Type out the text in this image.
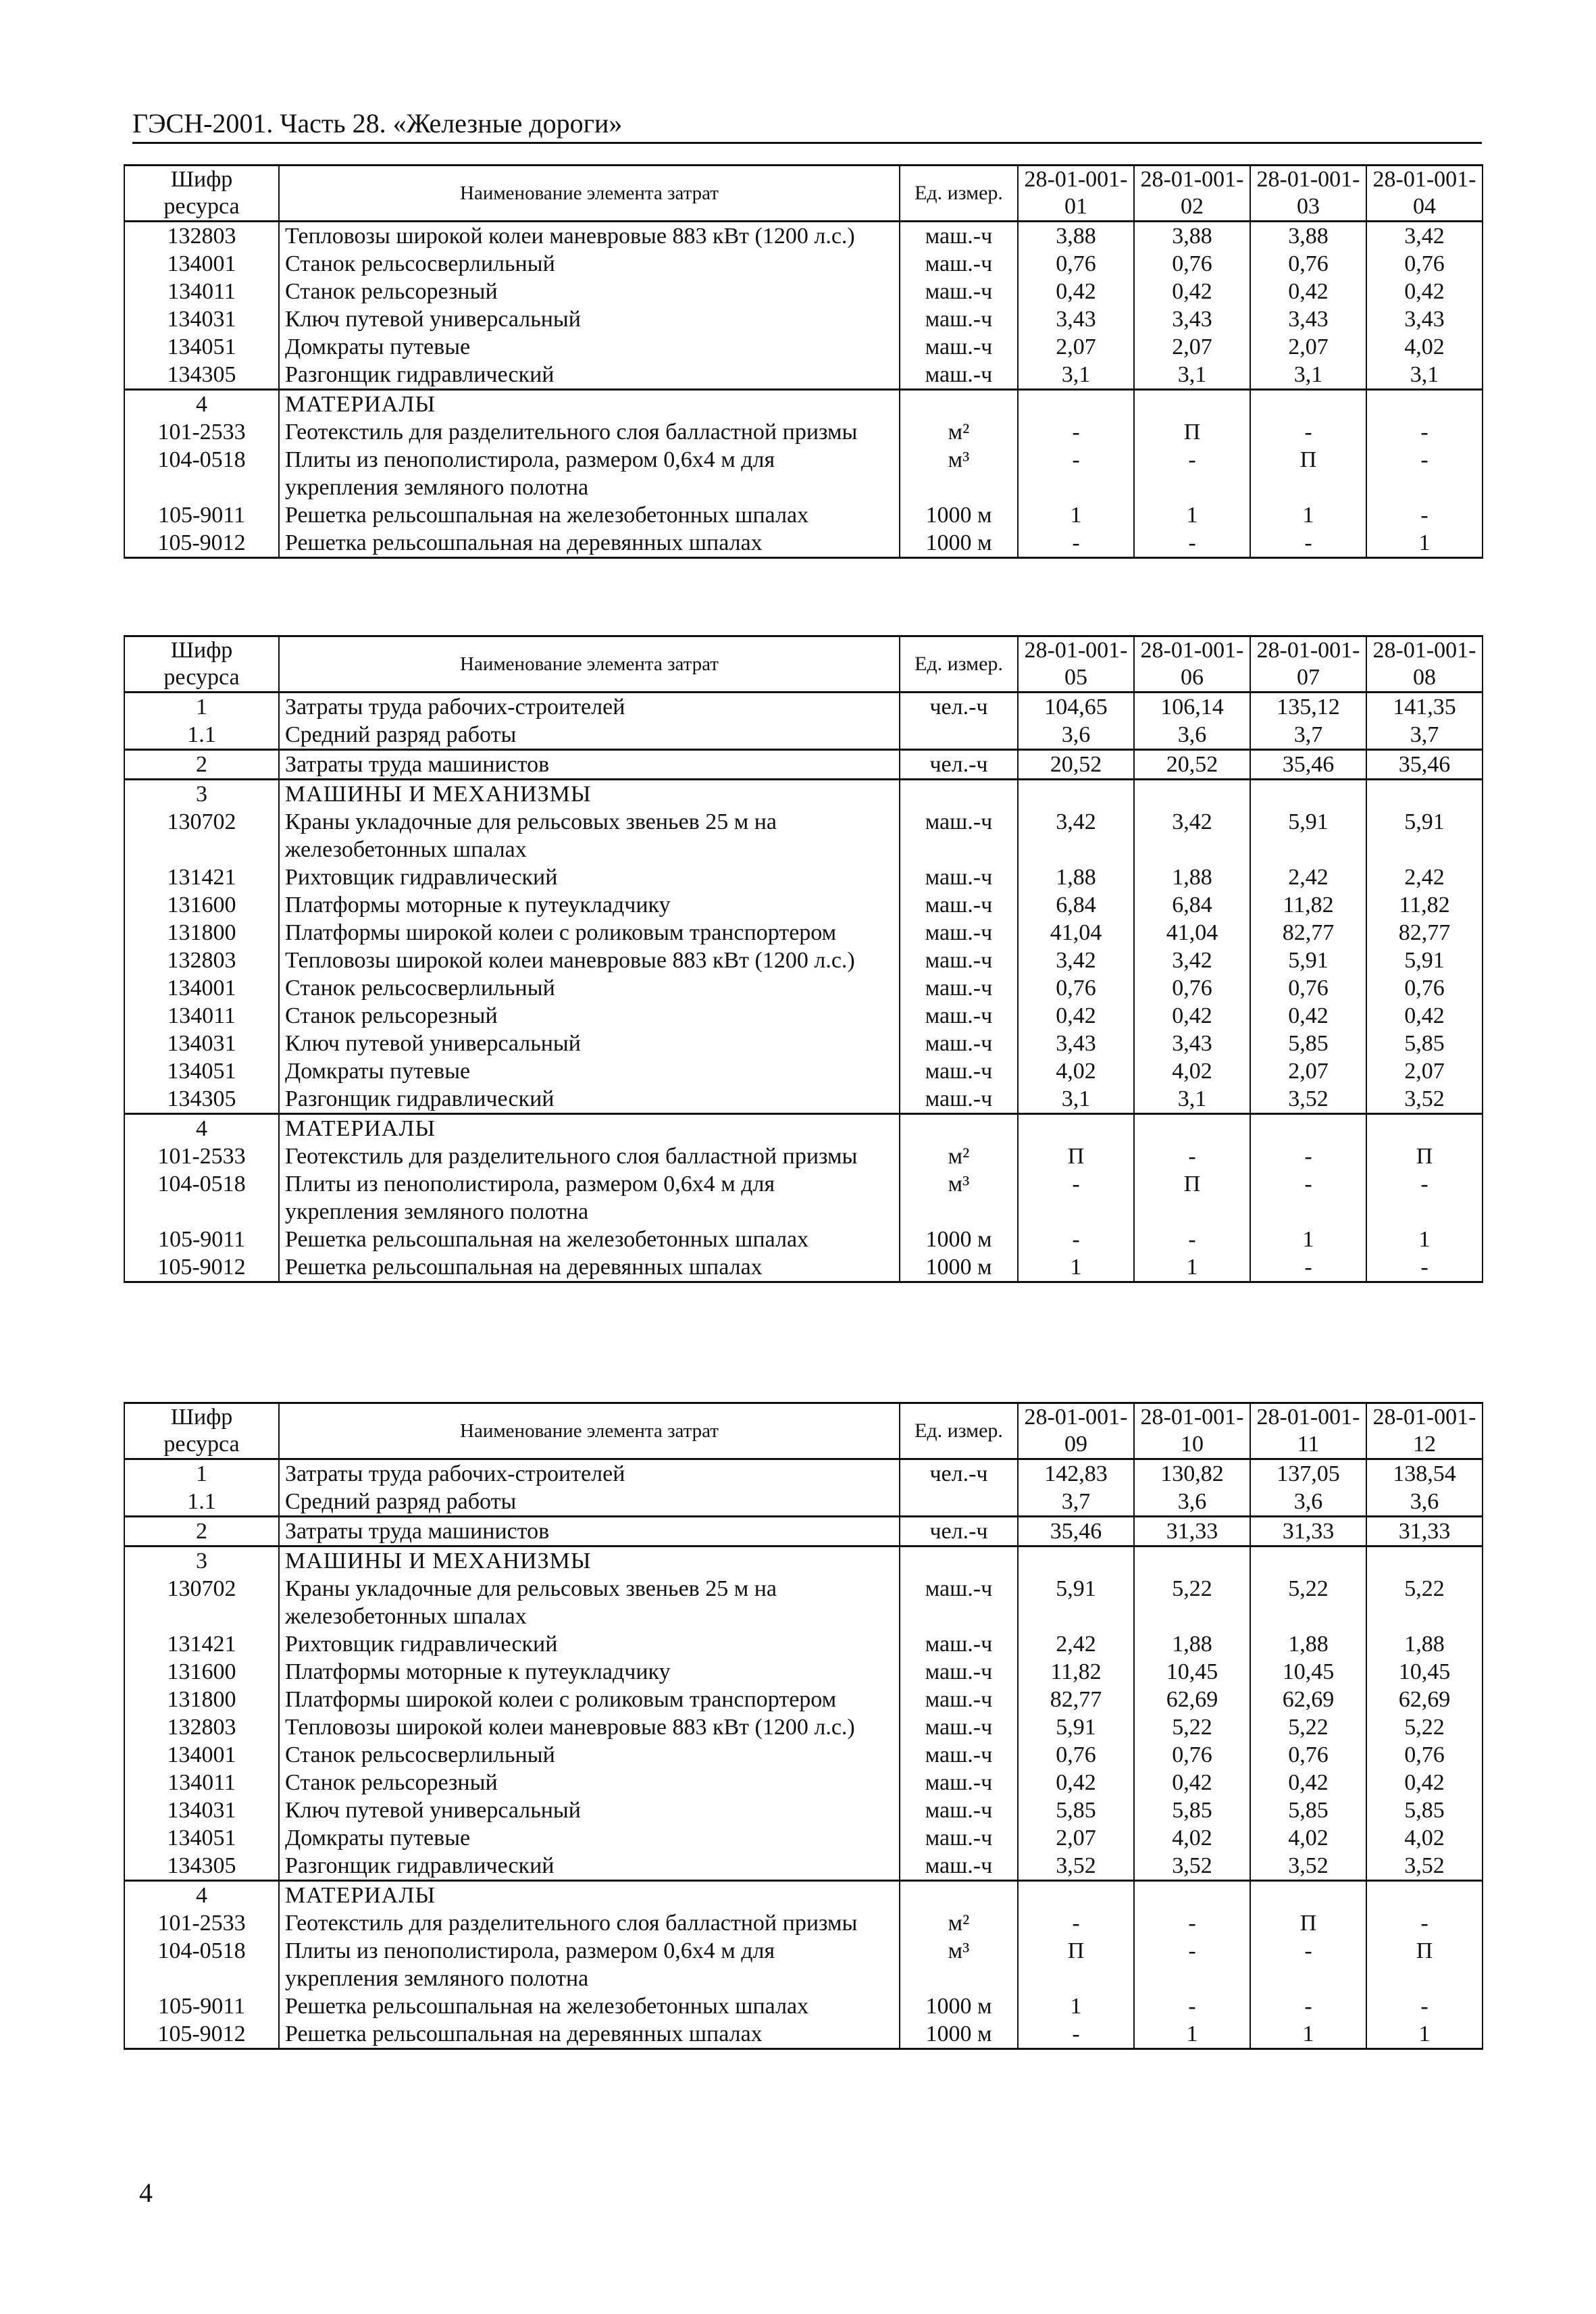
ГЭСН-2001. Часть 28. «Железные дороги»
Шифр ресурса	Наименование элемента затрат	Ед. измер.	28-01-001-01	28-01-001-02	28-01-001-03	28-01-001-04
132803	Тепловозы широкой колеи маневровые 883 кВт (1200 л.с.)	маш.-ч	3,88	3,88	3,88	3,42
134001	Станок рельсосверлильный	маш.-ч	0,76	0,76	0,76	0,76
134011	Станок рельсорезный	маш.-ч	0,42	0,42	0,42	0,42
134031	Ключ путевой универсальный	маш.-ч	3,43	3,43	3,43	3,43
134051	Домкраты путевые	маш.-ч	2,07	2,07	2,07	4,02
134305	Разгонщик гидравлический	маш.-ч	3,1	3,1	3,1	3,1
4	МАТЕРИАЛЫ					
101-2533	Геотекстиль для разделительного слоя балластной призмы	м²	-	П	-	-
104-0518	Плиты из пенополистирола, размером 0,6х4 м для укрепления земляного полотна	м³	-	-	П	-
105-9011	Решетка рельсошпальная на железобетонных шпалах	1000 м	1	1	1	-
105-9012	Решетка рельсошпальная на деревянных шпалах	1000 м	-	-	-	1
Шифр ресурса	Наименование элемента затрат	Ед. измер.	28-01-001-05	28-01-001-06	28-01-001-07	28-01-001-08
1	Затраты труда рабочих-строителей	чел.-ч	104,65	106,14	135,12	141,35
1.1	Средний разряд работы		3,6	3,6	3,7	3,7
2	Затраты труда машинистов	чел.-ч	20,52	20,52	35,46	35,46
3	МАШИНЫ И МЕХАНИЗМЫ					
130702	Краны укладочные для рельсовых звеньев 25 м на железобетонных шпалах	маш.-ч	3,42	3,42	5,91	5,91
131421	Рихтовщик гидравлический	маш.-ч	1,88	1,88	2,42	2,42
131600	Платформы моторные к путеукладчику	маш.-ч	6,84	6,84	11,82	11,82
131800	Платформы широкой колеи с роликовым транспортером	маш.-ч	41,04	41,04	82,77	82,77
132803	Тепловозы широкой колеи маневровые 883 кВт (1200 л.с.)	маш.-ч	3,42	3,42	5,91	5,91
134001	Станок рельсосверлильный	маш.-ч	0,76	0,76	0,76	0,76
134011	Станок рельсорезный	маш.-ч	0,42	0,42	0,42	0,42
134031	Ключ путевой универсальный	маш.-ч	3,43	3,43	5,85	5,85
134051	Домкраты путевые	маш.-ч	4,02	4,02	2,07	2,07
134305	Разгонщик гидравлический	маш.-ч	3,1	3,1	3,52	3,52
4	МАТЕРИАЛЫ					
101-2533	Геотекстиль для разделительного слоя балластной призмы	м²	П	-	-	П
104-0518	Плиты из пенополистирола, размером 0,6х4 м для укрепления земляного полотна	м³	-	П	-	-
105-9011	Решетка рельсошпальная на железобетонных шпалах	1000 м	-	-	1	1
105-9012	Решетка рельсошпальная на деревянных шпалах	1000 м	1	1	-	-
Шифр ресурса	Наименование элемента затрат	Ед. измер.	28-01-001-09	28-01-001-10	28-01-001-11	28-01-001-12
1	Затраты труда рабочих-строителей	чел.-ч	142,83	130,82	137,05	138,54
1.1	Средний разряд работы		3,7	3,6	3,6	3,6
2	Затраты труда машинистов	чел.-ч	35,46	31,33	31,33	31,33
3	МАШИНЫ И МЕХАНИЗМЫ					
130702	Краны укладочные для рельсовых звеньев 25 м на железобетонных шпалах	маш.-ч	5,91	5,22	5,22	5,22
131421	Рихтовщик гидравлический	маш.-ч	2,42	1,88	1,88	1,88
131600	Платформы моторные к путеукладчику	маш.-ч	11,82	10,45	10,45	10,45
131800	Платформы широкой колеи с роликовым транспортером	маш.-ч	82,77	62,69	62,69	62,69
132803	Тепловозы широкой колеи маневровые 883 кВт (1200 л.с.)	маш.-ч	5,91	5,22	5,22	5,22
134001	Станок рельсосверлильный	маш.-ч	0,76	0,76	0,76	0,76
134011	Станок рельсорезный	маш.-ч	0,42	0,42	0,42	0,42
134031	Ключ путевой универсальный	маш.-ч	5,85	5,85	5,85	5,85
134051	Домкраты путевые	маш.-ч	2,07	4,02	4,02	4,02
134305	Разгонщик гидравлический	маш.-ч	3,52	3,52	3,52	3,52
4	МАТЕРИАЛЫ					
101-2533	Геотекстиль для разделительного слоя балластной призмы	м²	-	-	П	-
104-0518	Плиты из пенополистирола, размером 0,6х4 м для укрепления земляного полотна	м³	П	-	-	П
105-9011	Решетка рельсошпальная на железобетонных шпалах	1000 м	1	-	-	-
105-9012	Решетка рельсошпальная на деревянных шпалах	1000 м	-	1	1	1
4
